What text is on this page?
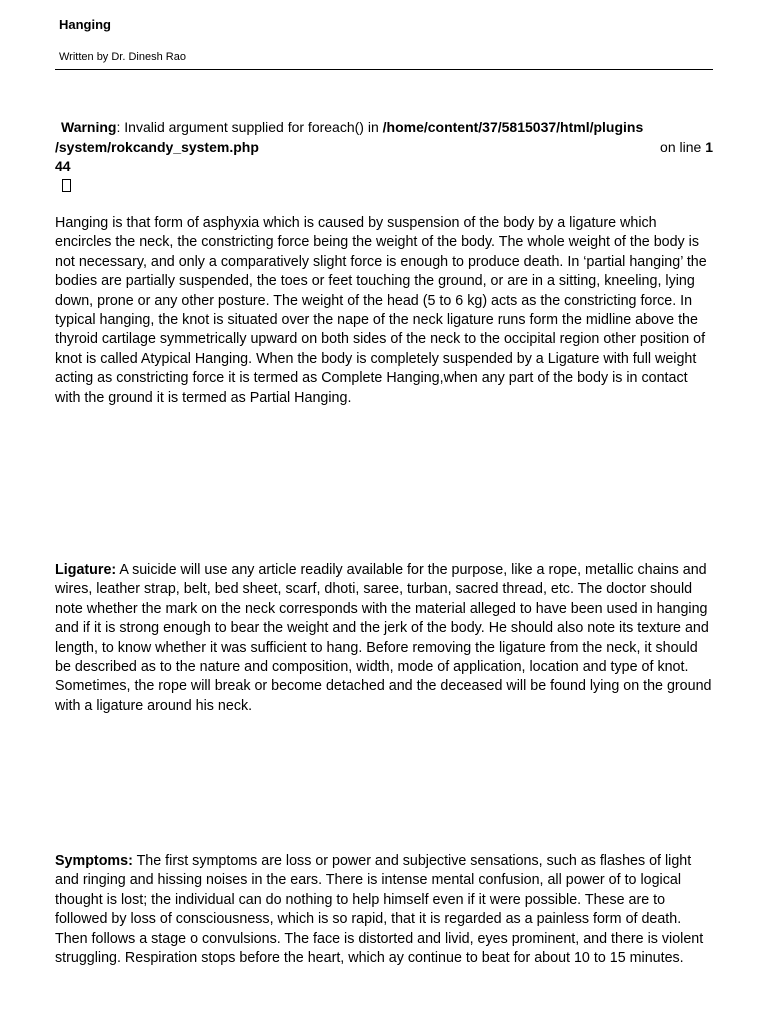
Hanging
Written by Dr. Dinesh Rao
Warning: Invalid argument supplied for foreach() in /home/content/37/5815037/html/plugins
/system/rokcandy_system.php	on line 1
44

Hanging is that form of asphyxia which is caused by suspension of the body by a ligature which encircles the neck, the constricting force being the weight of the body. The whole weight of the body is not necessary, and only a comparatively slight force is enough to produce death. In ‘partial hanging’ the bodies are partially suspended, the toes or feet touching the ground, or are in a sitting, kneeling, lying down, prone or any other posture. The weight of the head (5 to 6 kg) acts as the constricting force. In typical hanging, the knot is situated over the nape of the neck ligature runs form the midline above the thyroid cartilage symmetrically upward on both sides of the neck to the occipital region other position of knot is called Atypical Hanging. When the body is completely suspended by a Ligature with full weight acting as constricting force it is termed as Complete Hanging,when any part of the body is in contact with the ground it is termed as Partial Hanging.

Ligature: A suicide will use any article readily available for the purpose, like a rope, metallic chains and wires, leather strap, belt, bed sheet, scarf, dhoti, saree, turban, sacred thread, etc. The doctor should note whether the mark on the neck corresponds with the material alleged to have been used in hanging and if it is strong enough to bear the weight and the jerk of the body. He should also note its texture and length, to know whether it was sufficient to hang. Before removing the ligature from the neck, it should be described as to the nature and composition, width, mode of application, location and type of knot. Sometimes, the rope will break or become detached and the deceased will be found lying on the ground with a ligature around his neck.

Symptoms: The first symptoms are loss or power and subjective sensations, such as flashes of light and ringing and hissing noises in the ears. There is intense mental confusion, all power of to logical thought is lost; the individual can do nothing to help himself even if it were possible. These are to followed by loss of consciousness, which is so rapid, that it is regarded as a painless form of death. Then follows a stage o convulsions. The face is distorted and livid, eyes prominent, and there is violent struggling. Respiration stops before the heart, which ay continue to beat for about 10 to 15 minutes.
